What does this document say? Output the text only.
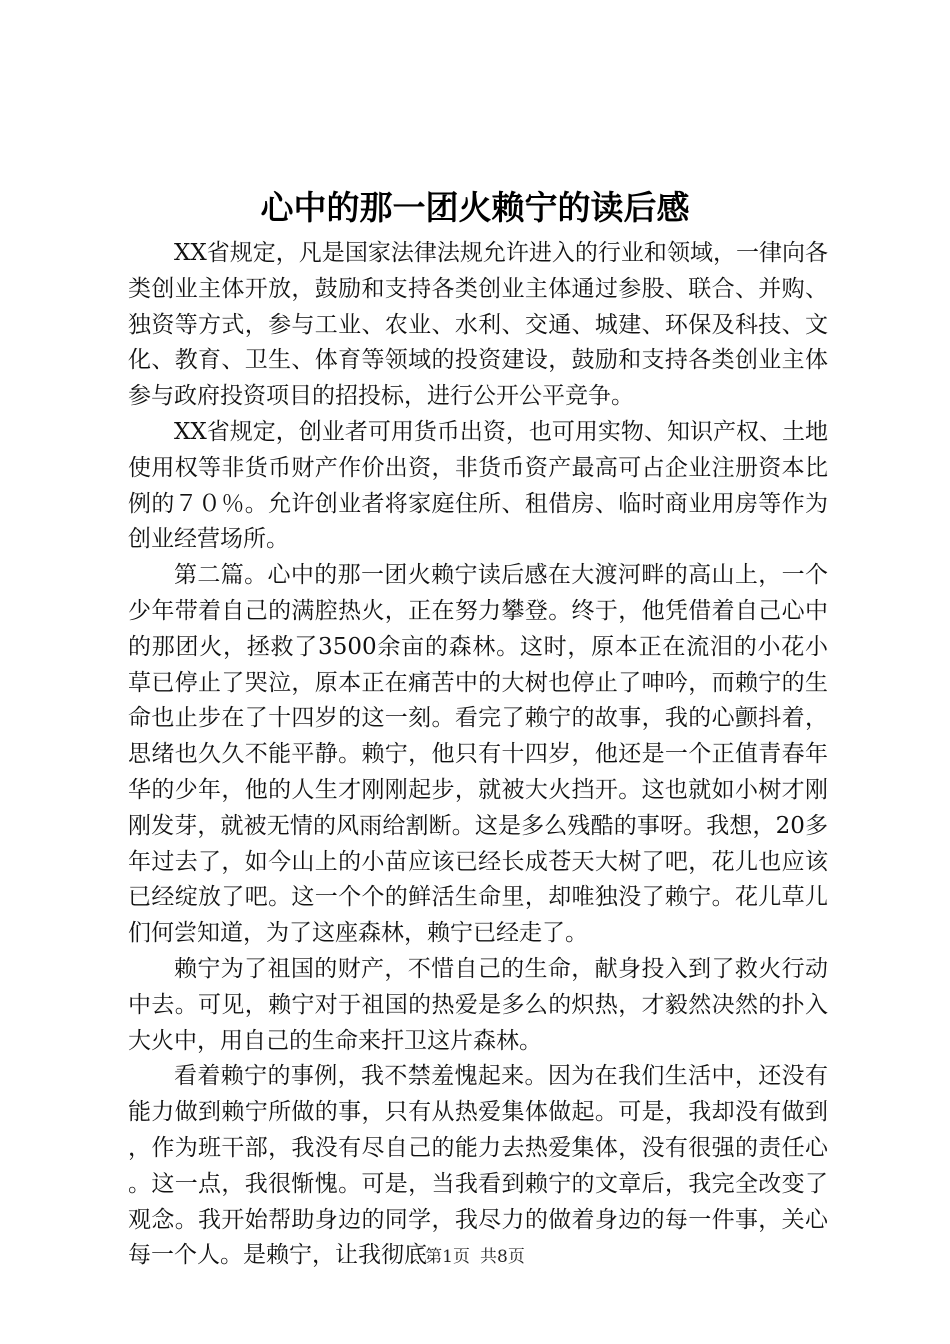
心中的那一团火赖宁的读后感

XX省规定，凡是国家法律法规允许进入的行业和领域，一律向各类创业主体开放，鼓励和支持各类创业主体通过参股、联合、并购、独资等方式，参与工业、农业、水利、交通、城建、环保及科技、文化、教育、卫生、体育等领域的投资建设，鼓励和支持各类创业主体参与政府投资项目的招投标，进行公开公平竞争。

XX省规定，创业者可用货币出资，也可用实物、知识产权、土地使用权等非货币财产作价出资，非货币资产最高可占企业注册资本比例的７０％。允许创业者将家庭住所、租借房、临时商业用房等作为创业经营场所。

第二篇。心中的那一团火赖宁读后感在大渡河畔的高山上，一个少年带着自己的满腔热火，正在努力攀登。终于，他凭借着自己心中的那团火，拯救了3500余亩的森林。这时，原本正在流泪的小花小草已停止了哭泣，原本正在痛苦中的大树也停止了呻吟，而赖宁的生命也止步在了十四岁的这一刻。看完了赖宁的故事，我的心颤抖着，思绪也久久不能平静。赖宁，他只有十四岁，他还是一个正值青春年华的少年，他的人生才刚刚起步，就被大火挡开。这也就如小树才刚刚发芽，就被无情的风雨给割断。这是多么残酷的事呀。我想，20多年过去了，如今山上的小苗应该已经长成苍天大树了吧，花儿也应该已经绽放了吧。这一个个的鲜活生命里，却唯独没了赖宁。花儿草儿们何尝知道，为了这座森林，赖宁已经走了。

赖宁为了祖国的财产，不惜自己的生命，献身投入到了救火行动中去。可见，赖宁对于祖国的热爱是多么的炽热，才毅然决然的扑入大火中，用自己的生命来扞卫这片森林。

看着赖宁的事例，我不禁羞愧起来。因为在我们生活中，还没有能力做到赖宁所做的事，只有从热爱集体做起。可是，我却没有做到，作为班干部，我没有尽自己的能力去热爱集体，没有很强的责任心。这一点，我很惭愧。可是，当我看到赖宁的文章后，我完全改变了观念。我开始帮助身边的同学，我尽力的做着身边的每一件事，关心每一个人。是赖宁，让我彻底

第1页 共8页
